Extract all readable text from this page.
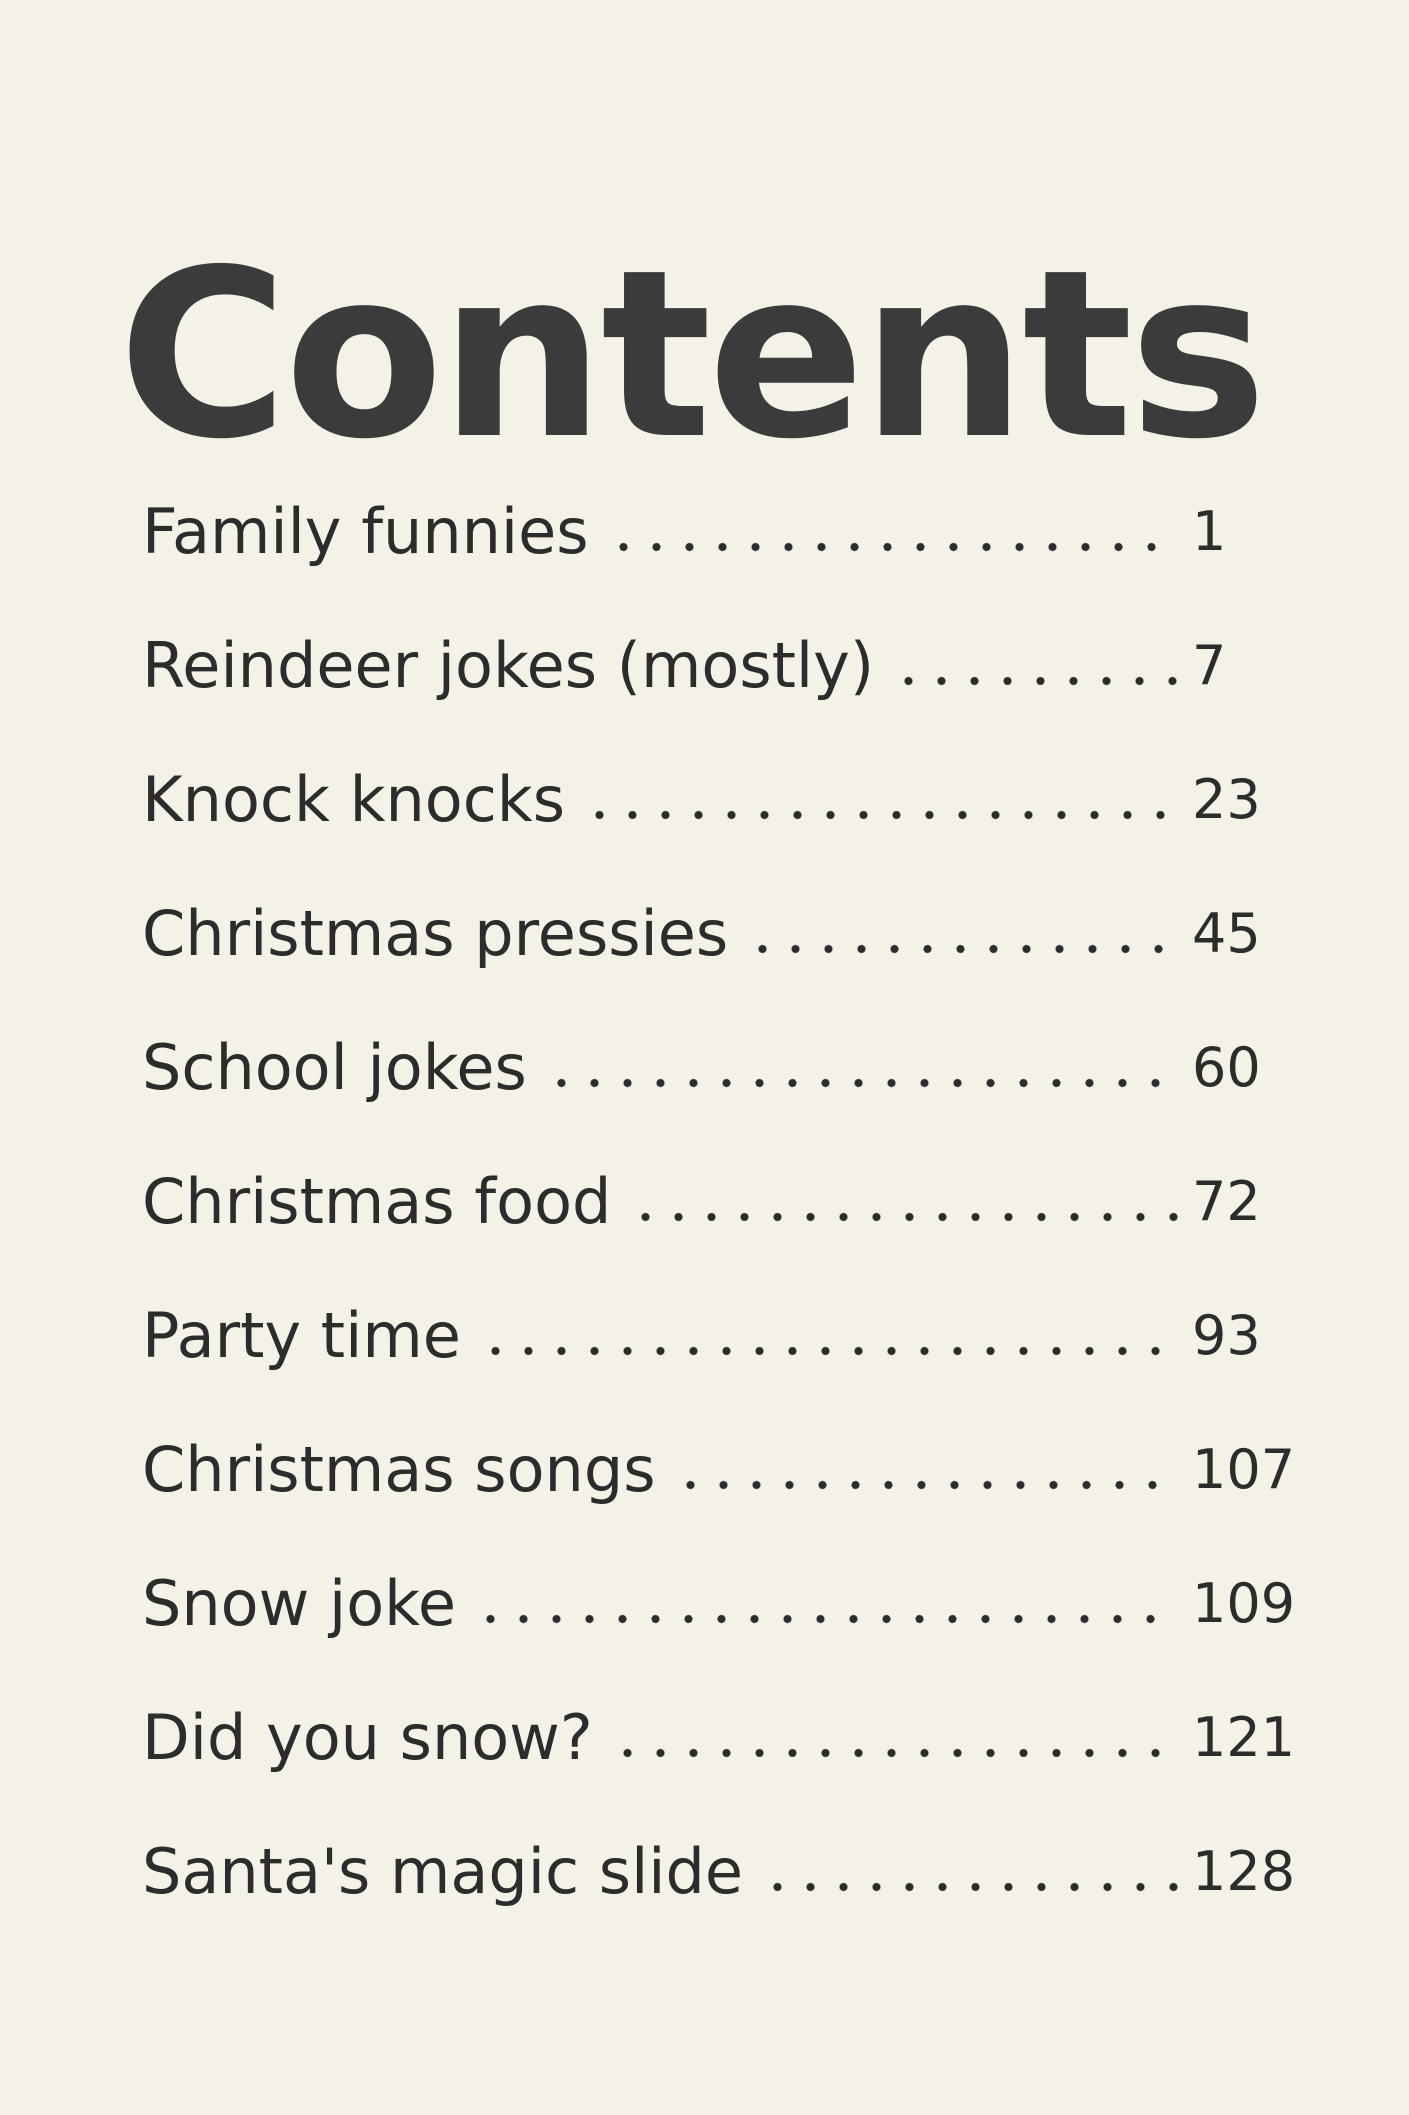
Contents
Family funnies	1
Reindeer jokes (mostly)	7
Knock knocks	23
Christmas pressies	45
School jokes	60
Christmas food	72
Party time	93
Christmas songs	107
Snow joke	109
Did you snow?	121
Santa's magic slide	128
